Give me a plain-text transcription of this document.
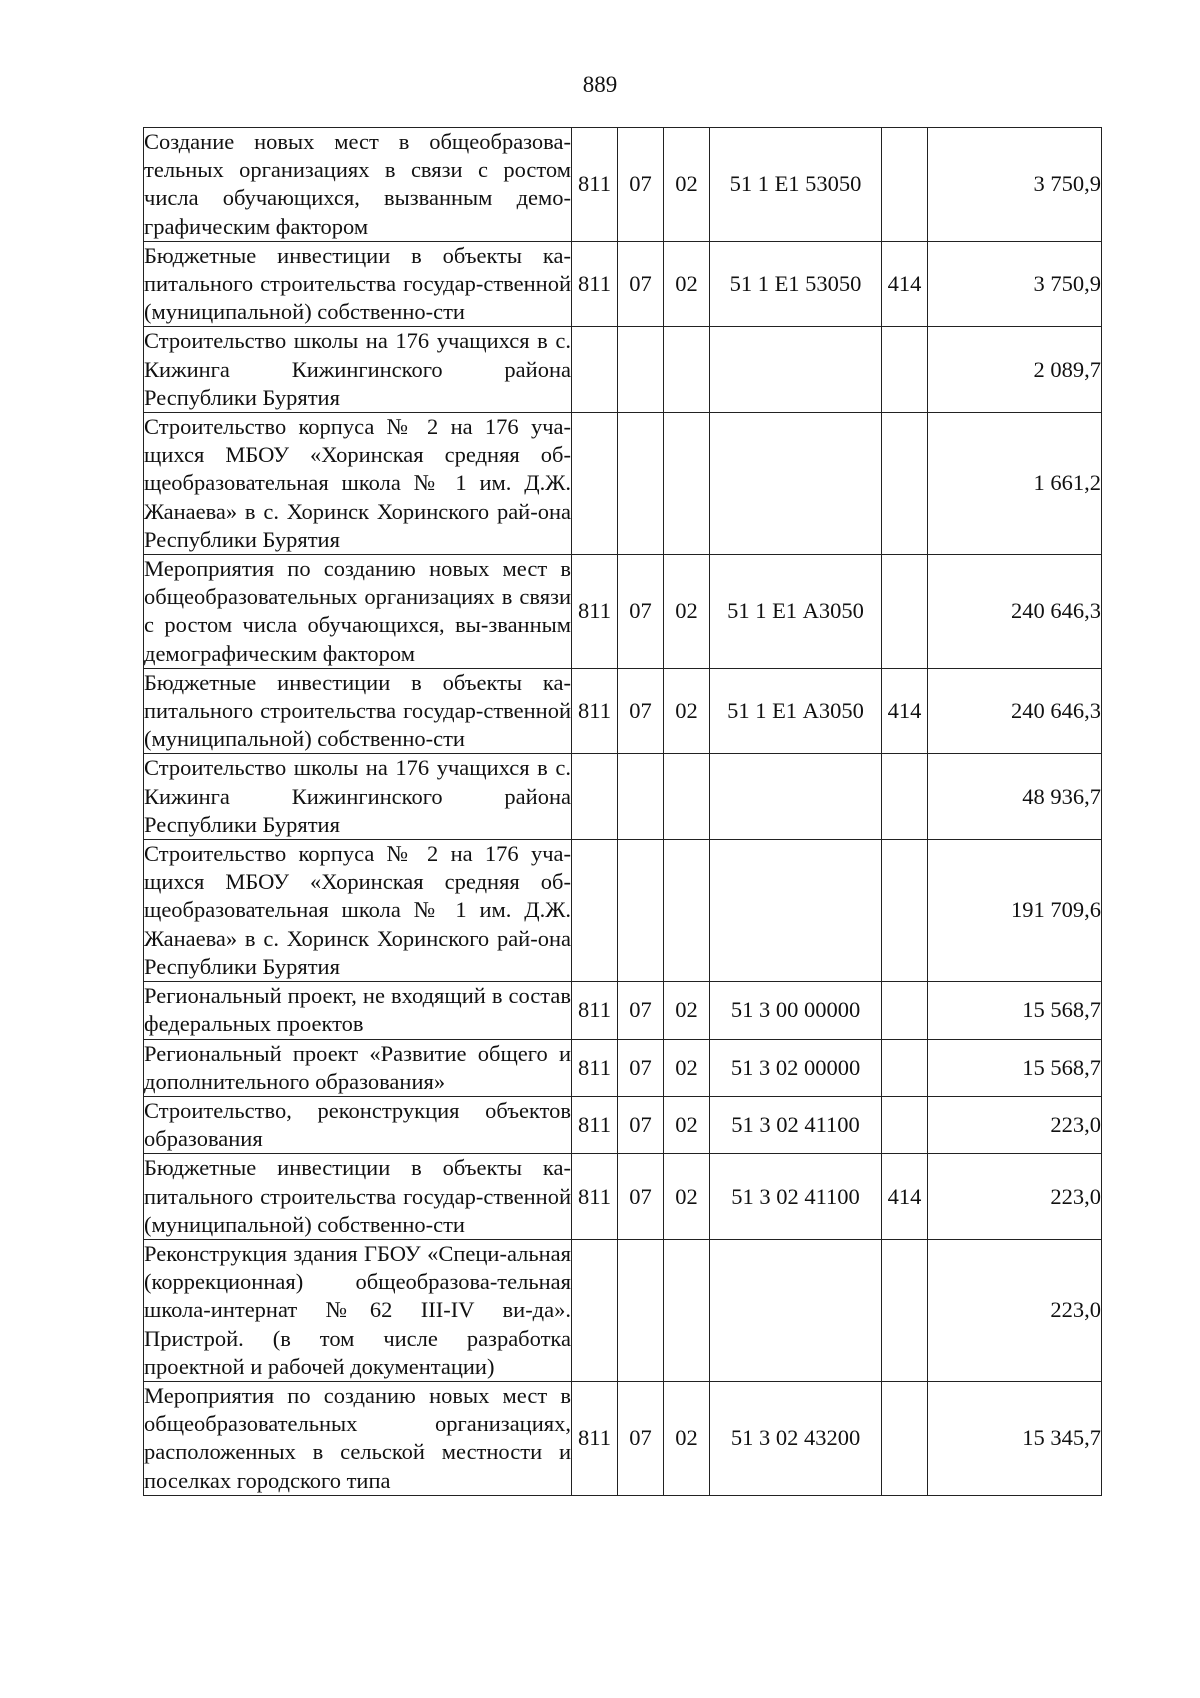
889
Создание новых мест в общеобразова-тельных организациях в связи с ростом числа обучающихся, вызванным демо-графическим фактором	811	07	02	51 1 E1 53050		3 750,9
Бюджетные инвестиции в объекты ка-питального строительства государ-ственной (муниципальной) собственно-сти	811	07	02	51 1 E1 53050	414	3 750,9
Строительство школы на 176 учащихся в с. Кижинга Кижингинского района Республики Бурятия						2 089,7
Строительство корпуса № 2 на 176 уча-щихся МБОУ «Хоринская средняя об-щеобразовательная школа № 1 им. Д.Ж. Жанаева» в с. Хоринск Хоринского рай-она Республики Бурятия						1 661,2
Мероприятия по созданию новых мест в общеобразовательных организациях в связи с ростом числа обучающихся, вы-званным демографическим фактором	811	07	02	51 1 E1 А3050		240 646,3
Бюджетные инвестиции в объекты ка-питального строительства государ-ственной (муниципальной) собственно-сти	811	07	02	51 1 E1 А3050	414	240 646,3
Строительство школы на 176 учащихся в с. Кижинга Кижингинского района Республики Бурятия						48 936,7
Строительство корпуса № 2 на 176 уча-щихся МБОУ «Хоринская средняя об-щеобразовательная школа № 1 им. Д.Ж. Жанаева» в с. Хоринск Хоринского рай-она Республики Бурятия						191 709,6
Региональный проект, не входящий в состав федеральных проектов	811	07	02	51 3 00 00000		15 568,7
Региональный проект «Развитие общего и дополнительного образования»	811	07	02	51 3 02 00000		15 568,7
Строительство, реконструкция объектов образования	811	07	02	51 3 02 41100		223,0
Бюджетные инвестиции в объекты ка-питального строительства государ-ственной (муниципальной) собственно-сти	811	07	02	51 3 02 41100	414	223,0
Реконструкция здания ГБОУ «Специ-альная (коррекционная) общеобразова-тельная школа-интернат №62 III-IV ви-да». Пристрой. (в том числе разработка проектной и рабочей документации)						223,0
Мероприятия по созданию новых мест в общеобразовательных организациях, расположенных в сельской местности и поселках городского типа	811	07	02	51 3 02 43200		15 345,7
